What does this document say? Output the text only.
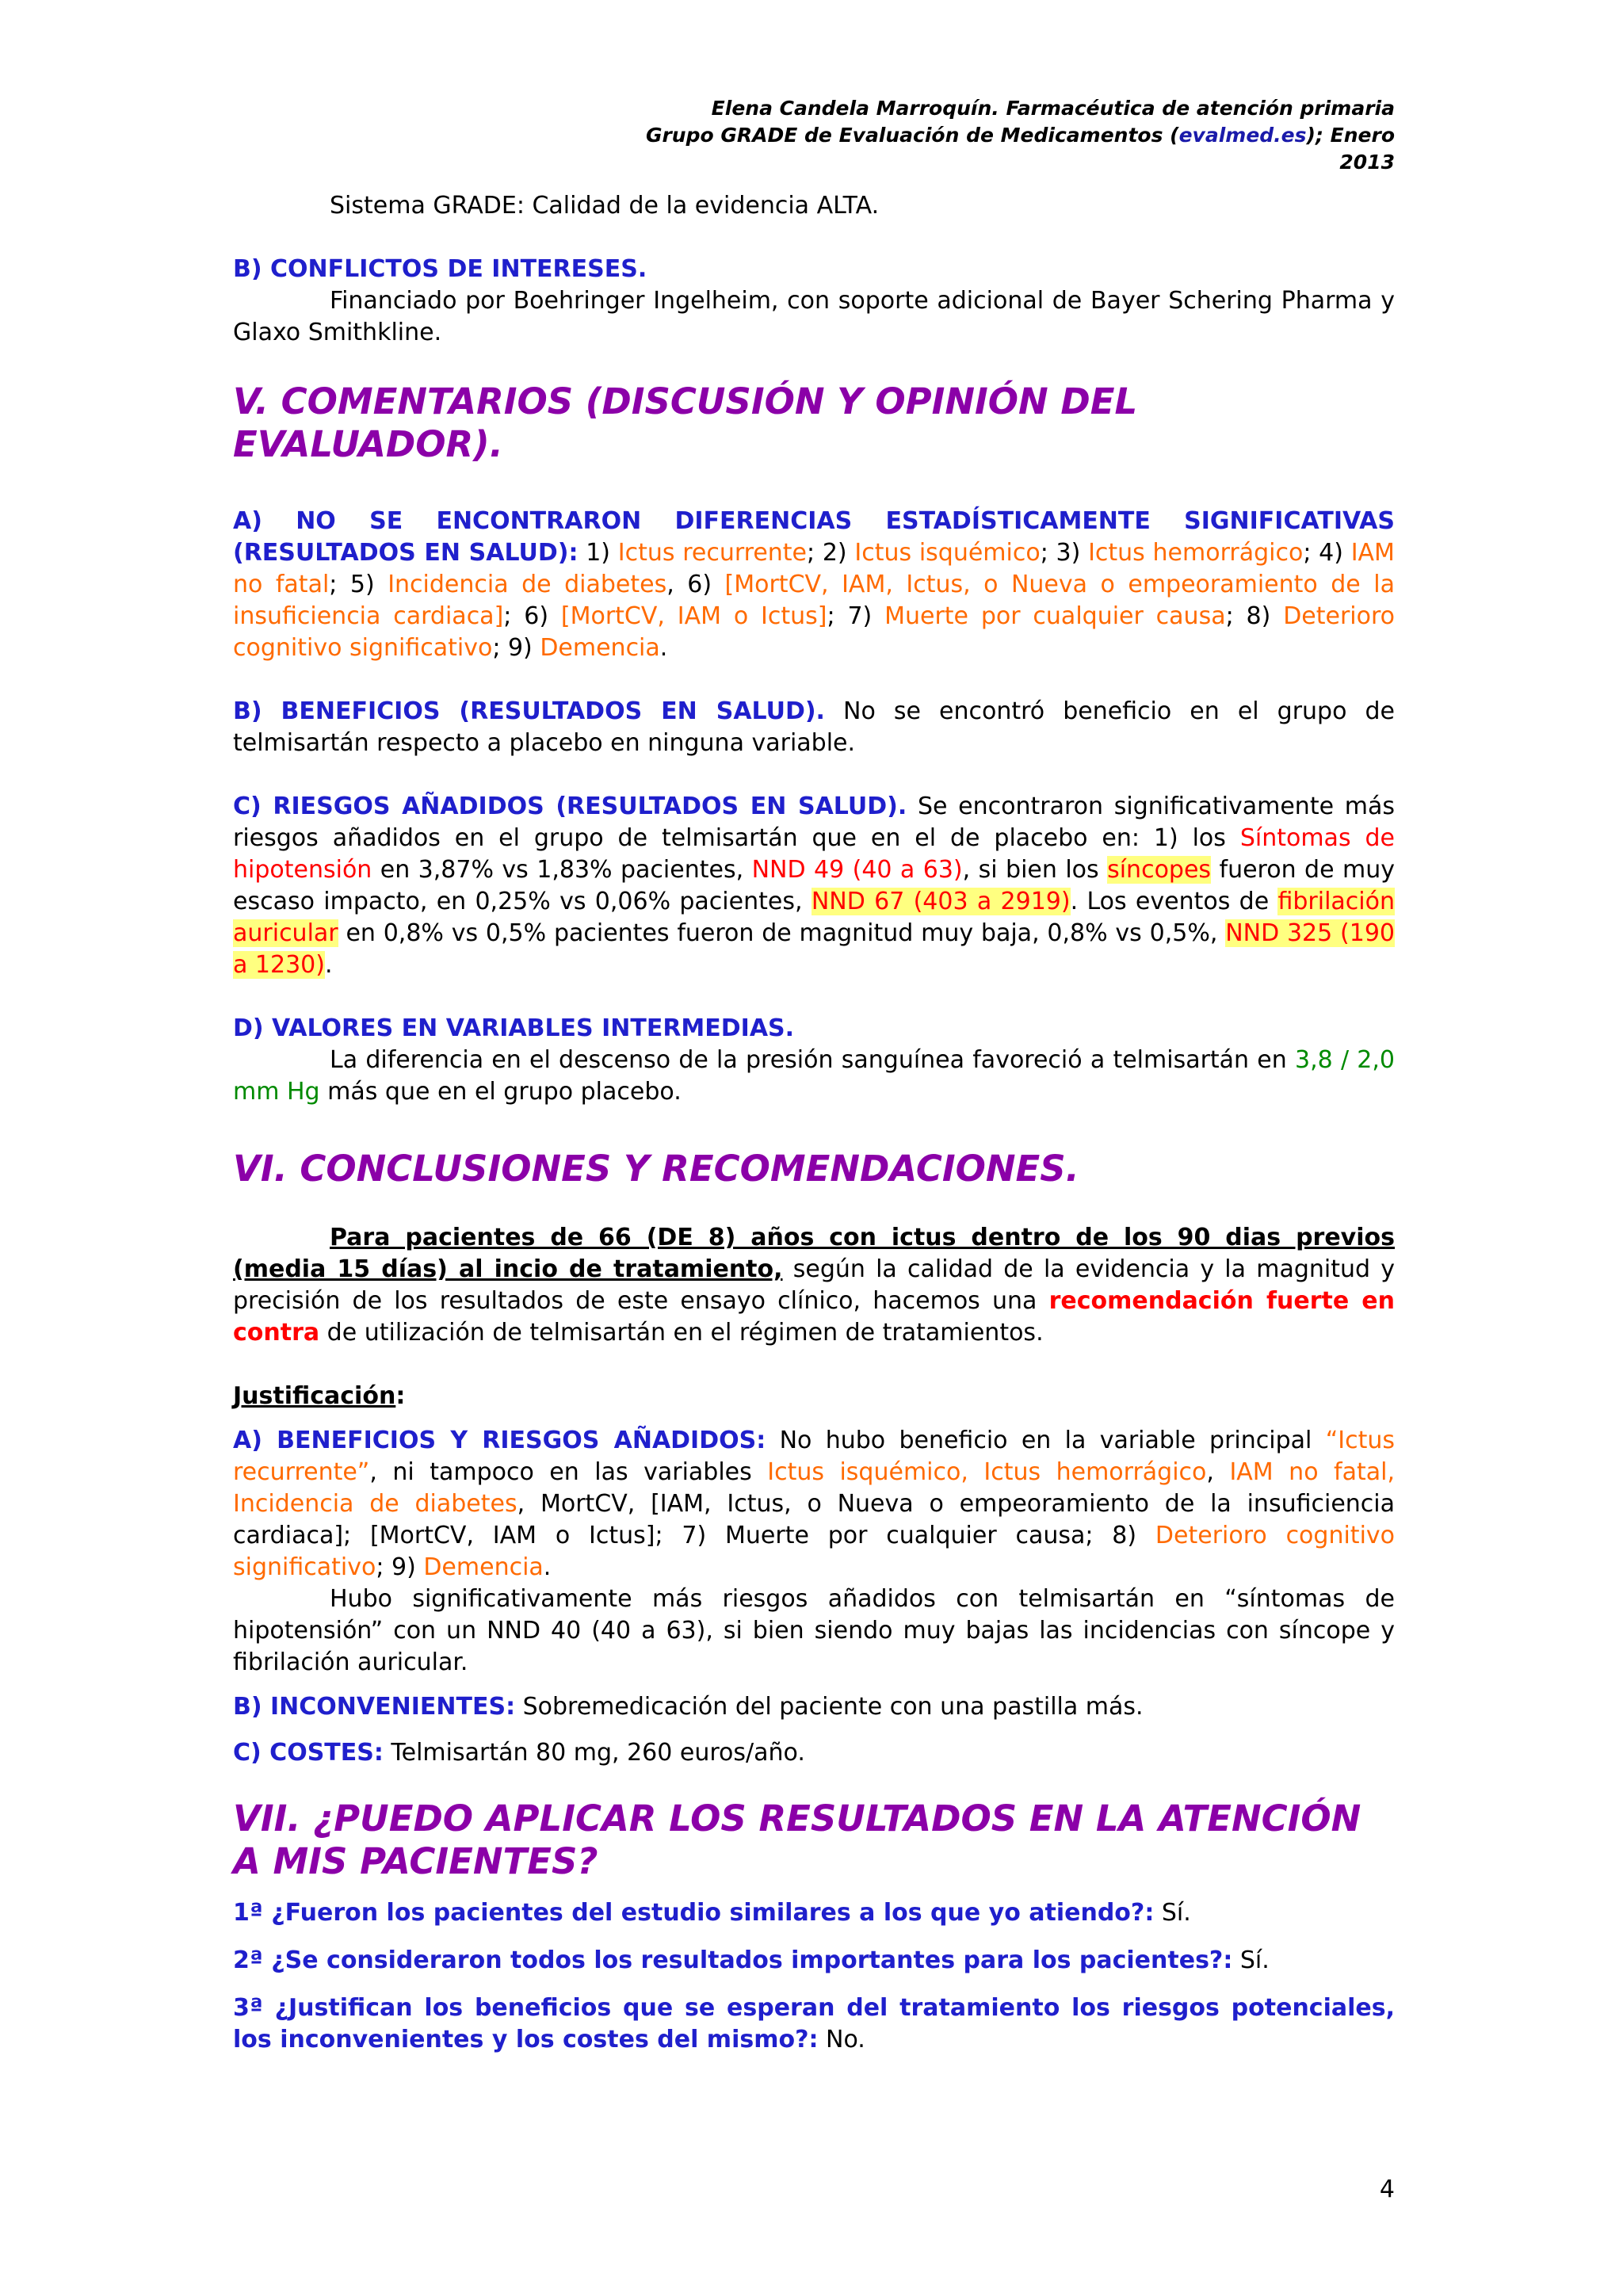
Elena Candela Marroquín. Farmacéutica de atención primaria
Grupo GRADE de Evaluación de Medicamentos (evalmed.es); Enero 2013

Sistema GRADE: Calidad de la evidencia ALTA.

B) CONFLICTOS DE INTERESES.

Financiado por Boehringer Ingelheim, con soporte adicional de Bayer Schering Pharma y Glaxo Smithkline.

V. COMENTARIOS (DISCUSIÓN Y OPINIÓN DEL EVALUADOR).

A) NO SE ENCONTRARON DIFERENCIAS ESTADÍSTICAMENTE SIGNIFICATIVAS (RESULTADOS EN SALUD): 1) Ictus recurrente; 2) Ictus isquémico; 3) Ictus hemorrágico; 4) IAM no fatal; 5) Incidencia de diabetes, 6) [MortCV, IAM, Ictus, o Nueva o empeoramiento de la insuficiencia cardiaca]; 6) [MortCV, IAM o Ictus]; 7) Muerte por cualquier causa; 8) Deterioro cognitivo significativo; 9) Demencia.

B) BENEFICIOS (RESULTADOS EN SALUD). No se encontró beneficio en el grupo de telmisartán respecto a placebo en ninguna variable.

C) RIESGOS AÑADIDOS (RESULTADOS EN SALUD). Se encontraron significativamente más riesgos añadidos en el grupo de telmisartán que en el de placebo en: 1) los Síntomas de hipotensión en 3,87% vs 1,83% pacientes, NND 49 (40 a 63), si bien los síncopes fueron de muy escaso impacto, en 0,25% vs 0,06% pacientes, NND 67 (403 a 2919). Los eventos de fibrilación auricular en 0,8% vs 0,5% pacientes fueron de magnitud muy baja, 0,8% vs 0,5%, NND 325 (190 a 1230).

D) VALORES EN VARIABLES INTERMEDIAS.

La diferencia en el descenso de la presión sanguínea favoreció a telmisartán en 3,8 / 2,0 mm Hg más que en el grupo placebo.

VI. CONCLUSIONES Y RECOMENDACIONES.

Para pacientes de 66 (DE 8) años con ictus dentro de los 90 dias previos (media 15 días) al incio de tratamiento, según la calidad de la evidencia y la magnitud y precisión de los resultados de este ensayo clínico, hacemos una recomendación fuerte en contra de utilización de telmisartán en el régimen de tratamientos.

Justificación:

A) BENEFICIOS Y RIESGOS AÑADIDOS: No hubo beneficio en la variable principal “Ictus recurrente”, ni tampoco en las variables Ictus isquémico, Ictus hemorrágico, IAM no fatal, Incidencia de diabetes, MortCV, [IAM, Ictus, o Nueva o empeoramiento de la insuficiencia cardiaca]; [MortCV, IAM o Ictus]; 7) Muerte por cualquier causa; 8) Deterioro cognitivo significativo; 9) Demencia.

Hubo significativamente más riesgos añadidos con telmisartán en “síntomas de hipotensión” con un NND 40 (40 a 63), si bien siendo muy bajas las incidencias con síncope y fibrilación auricular.

B) INCONVENIENTES: Sobremedicación del paciente con una pastilla más.

C) COSTES: Telmisartán 80 mg, 260 euros/año.

VII. ¿PUEDO APLICAR LOS RESULTADOS EN LA ATENCIÓN A MIS PACIENTES?

1ª ¿Fueron los pacientes del estudio similares a los que yo atiendo?: Sí.

2ª ¿Se consideraron todos los resultados importantes para los pacientes?: Sí.

3ª ¿Justifican los beneficios que se esperan del tratamiento los riesgos potenciales, los inconvenientes y los costes del mismo?: No.

4
